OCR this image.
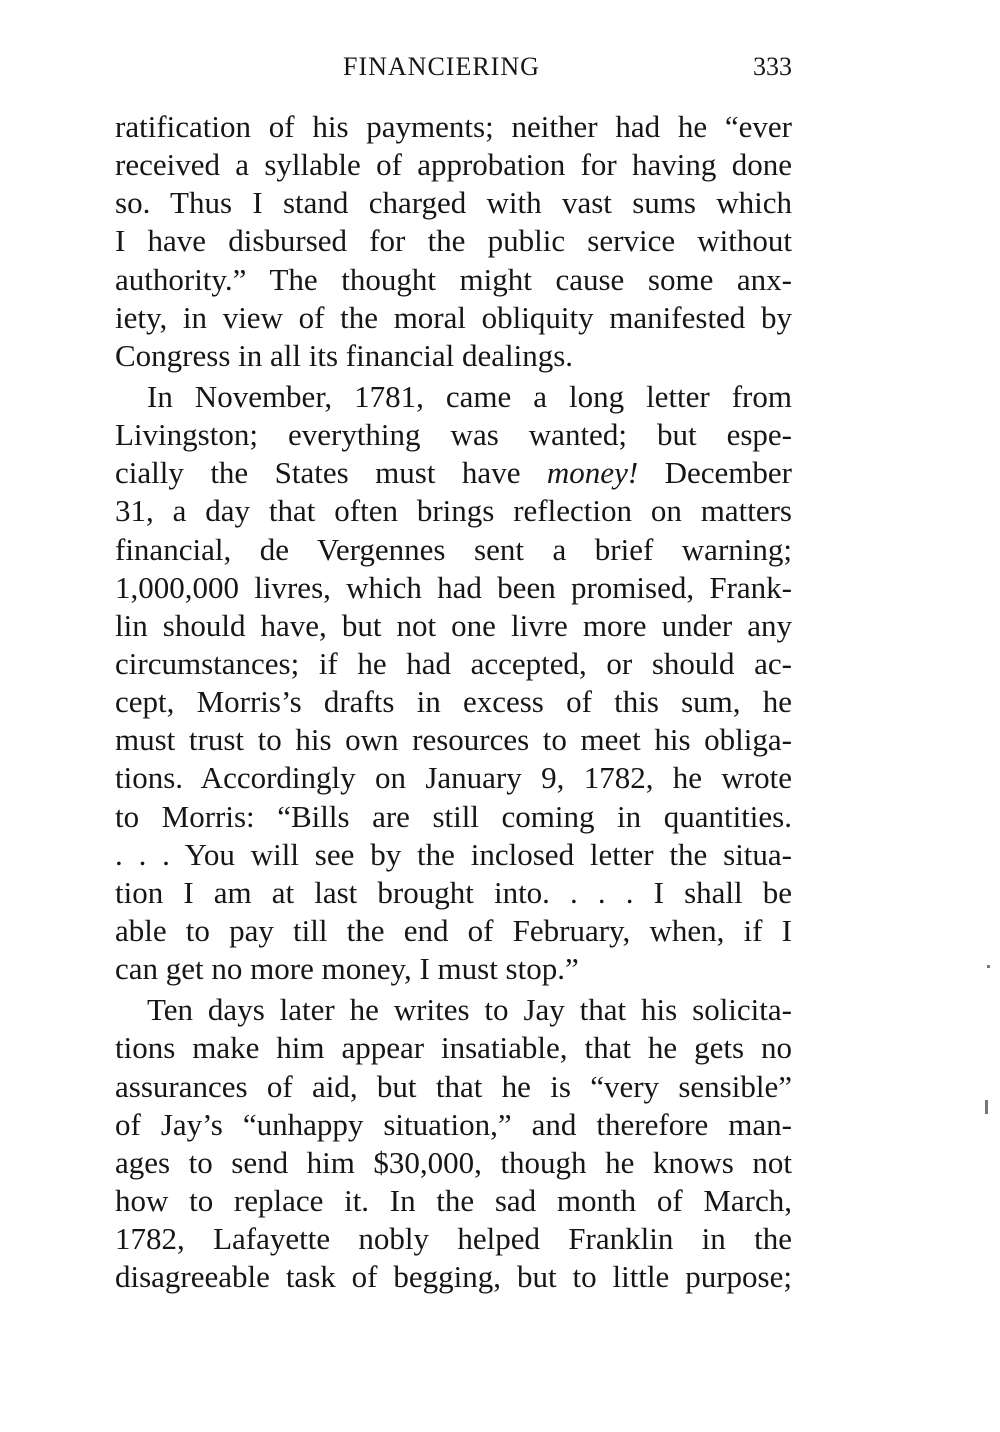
FINANCIERING	333
ratification of his payments; neither had he “ever
received a syllable of approbation for having done
so. Thus I stand charged with vast sums which
I have disbursed for the public service without
authority.” The thought might cause some anx-
iety, in view of the moral obliquity manifested by
Congress in all its financial dealings.
In November, 1781, came a long letter from
Livingston; everything was wanted; but espe-
cially the States must have money! December
31, a day that often brings reflection on matters
financial, de Vergennes sent a brief warning;
1,000,000 livres, which had been promised, Frank-
lin should have, but not one livre more under any
circumstances; if he had accepted, or should ac-
cept, Morris’s drafts in excess of this sum, he
must trust to his own resources to meet his obliga-
tions. Accordingly on January 9, 1782, he wrote
to Morris: “Bills are still coming in quantities.
. . . You will see by the inclosed letter the situa-
tion I am at last brought into. . . . I shall be
able to pay till the end of February, when, if I
can get no more money, I must stop.”
Ten days later he writes to Jay that his solicita-
tions make him appear insatiable, that he gets no
assurances of aid, but that he is “very sensible”
of Jay’s “unhappy situation,” and therefore man-
ages to send him $30,000, though he knows not
how to replace it. In the sad month of March,
1782, Lafayette nobly helped Franklin in the
disagreeable task of begging, but to little purpose;
